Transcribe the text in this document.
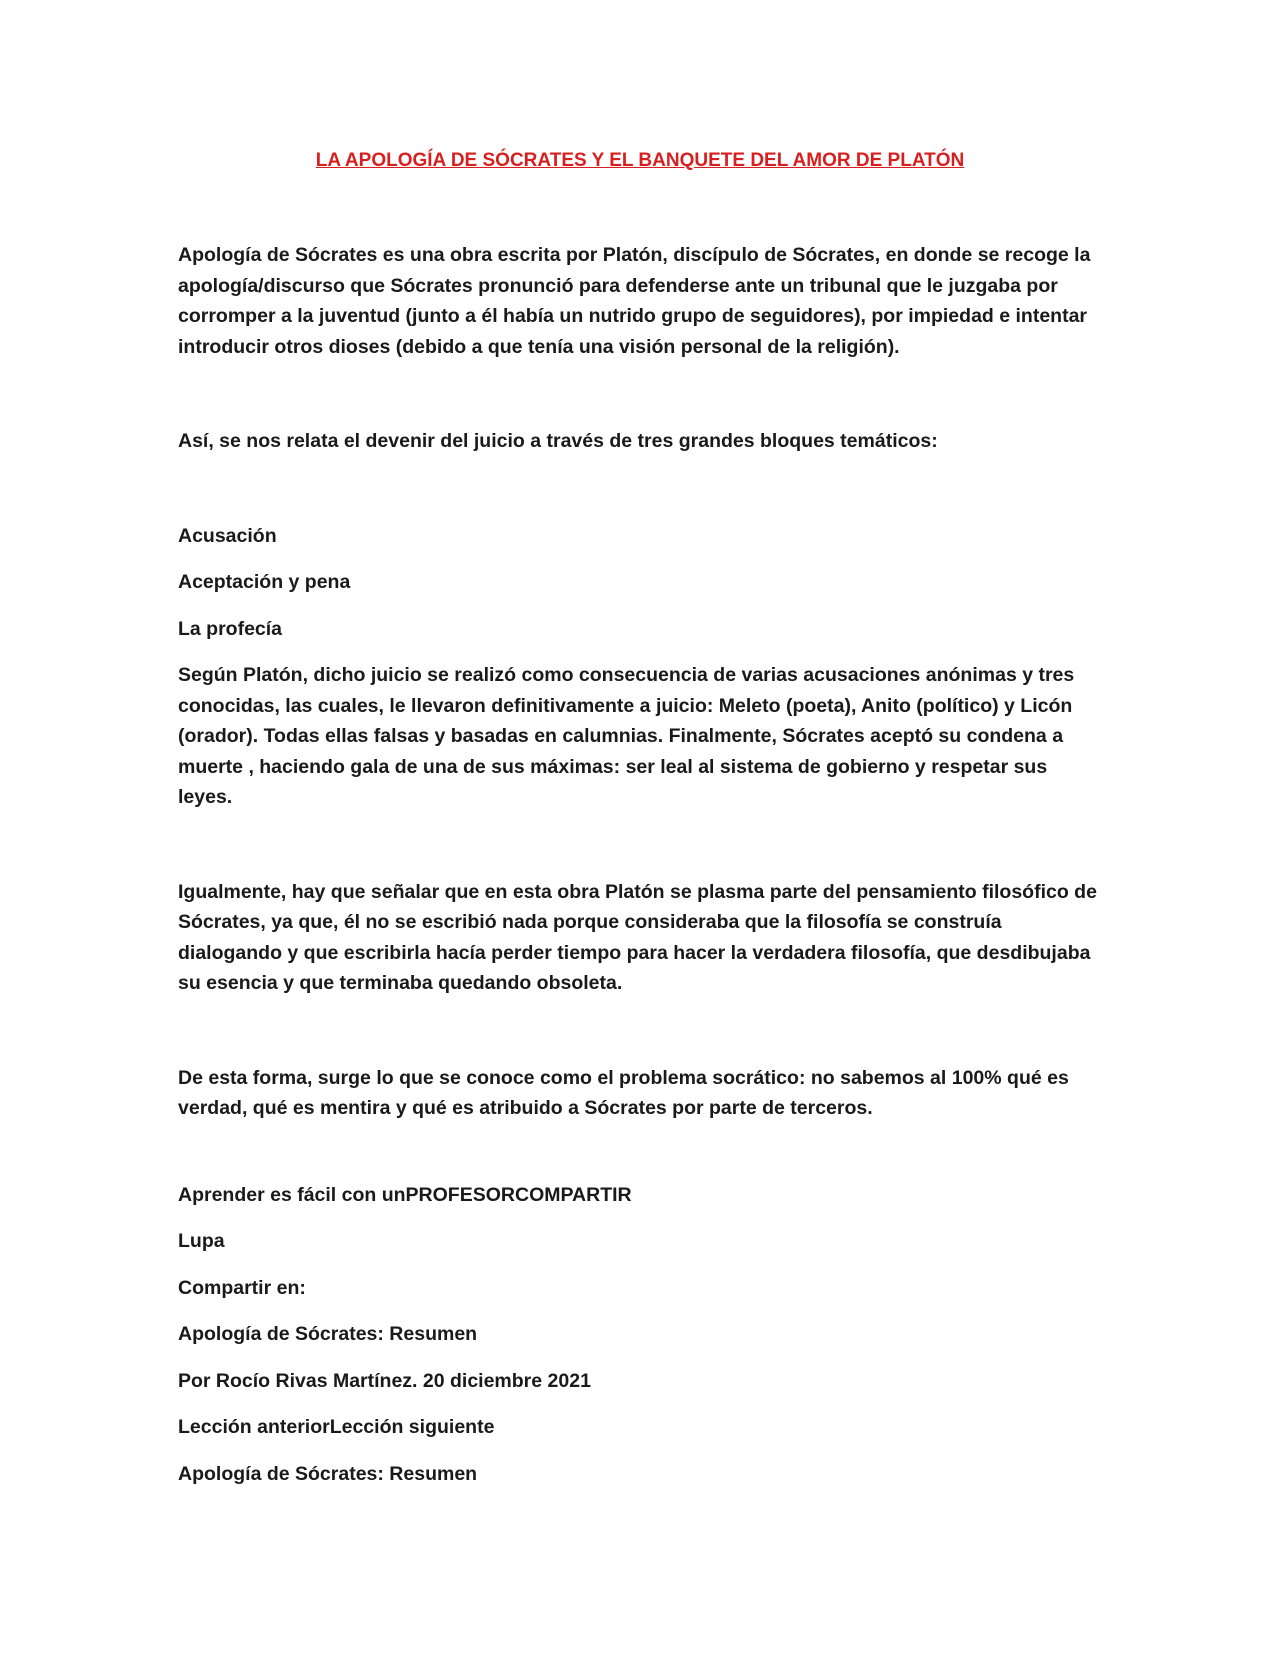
LA APOLOGÍA DE SÓCRATES Y EL BANQUETE DEL AMOR DE PLATÓN

Apología de Sócrates es una obra escrita por Platón, discípulo de Sócrates, en donde se recoge la apología/discurso que Sócrates pronunció para defenderse ante un tribunal que le juzgaba por corromper a la juventud (junto a él había un nutrido grupo de seguidores), por impiedad e intentar introducir otros dioses (debido a que tenía una visión personal de la religión).

Así, se nos relata el devenir del juicio a través de tres grandes bloques temáticos:

Acusación

Aceptación y pena

La profecía

Según Platón, dicho juicio se realizó como consecuencia de varias acusaciones anónimas y tres conocidas, las cuales, le llevaron definitivamente a juicio: Meleto (poeta), Anito (político) y Licón (orador). Todas ellas falsas y basadas en calumnias. Finalmente, Sócrates aceptó su condena a muerte , haciendo gala de una de sus máximas: ser leal al sistema de gobierno y respetar sus leyes.

Igualmente, hay que señalar que en esta obra Platón se plasma parte del pensamiento filosófico de Sócrates, ya que, él no se escribió nada porque consideraba que la filosofía se construía dialogando y que escribirla hacía perder tiempo para hacer la verdadera filosofía, que desdibujaba su esencia y que terminaba quedando obsoleta.

De esta forma, surge lo que se conoce como el problema socrático: no sabemos al 100% qué es verdad, qué es mentira y qué es atribuido a Sócrates por parte de terceros.

Aprender es fácil con unPROFESORCOMPARTIR

Lupa

Compartir en:

Apología de Sócrates: Resumen

Por Rocío Rivas Martínez. 20 diciembre 2021

Lección anteriorLección siguiente

Apología de Sócrates: Resumen
